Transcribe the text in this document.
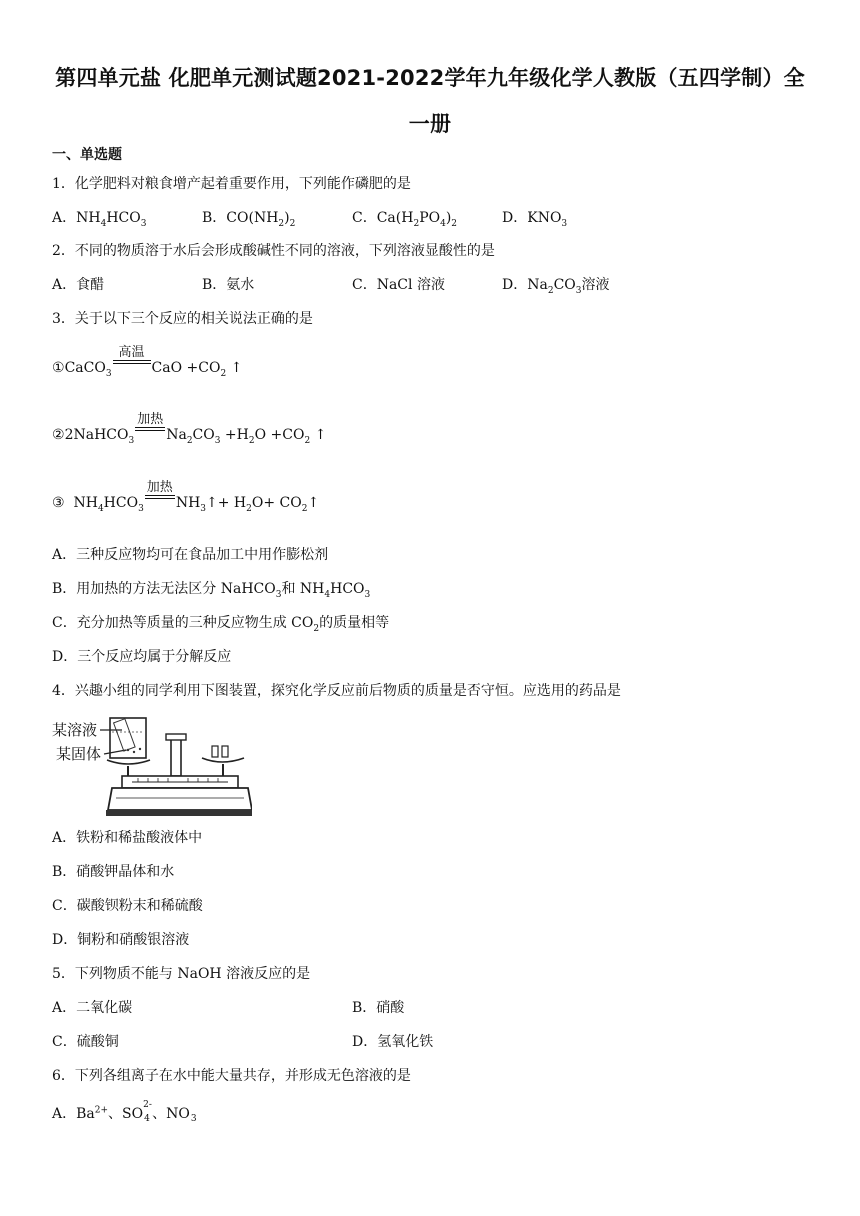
第四单元盐 化肥单元测试题2021-2022学年九年级化学人教版（五四学制）全
一册
一、单选题
1．化学肥料对粮食增产起着重要作用，下列能作磷肥的是
A．$NH_4HCO_3$	B．$CO(NH_2)_2$	C．$Ca(H_2PO_4)_2$	D．$KNO_3$
2．不同的物质溶于水后会形成酸碱性不同的溶液，下列溶液显酸性的是
A．食醋	B．氨水	C．NaCl 溶液	D．$Na_2CO_3$溶液
3．关于以下三个反应的相关说法正确的是
①CaCO$_3$
高温
CaO $+CO_2$ ↑
②2NaHCO$_3$
加热
$Na_2CO_3 +H_2O +CO_2$ ↑
③ $NH_4HCO_3$
加热
$NH_3↑+ H_2O+$ $CO_2↑$
A．三种反应物均可在食品加工中用作膨松剂
B．用加热的方法无法区分 NaHCO$_3$和 $NH_4HCO_3$
C．充分加热等质量的三种反应物生成 $CO_2$的质量相等
D．三个反应均属于分解反应
4．兴趣小组的同学利用下图装置，探究化学反应前后物质的质量是否守恒。应选用的药品是
某溶液
某固体
A．铁粉和稀盐酸液体中
B．硝酸钾晶体和水
C．碳酸钡粉末和稀硫酸
D．铜粉和硝酸银溶液
5．下列物质不能与 NaOH 溶液反应的是
A．二氧化碳	B．硝酸
C．硫酸铜	D．氢氧化铁
6．下列各组离子在水中能大量共存，并形成无色溶液的是
A．$Ba^{2+}$、SO
2-
4 、NO 3
